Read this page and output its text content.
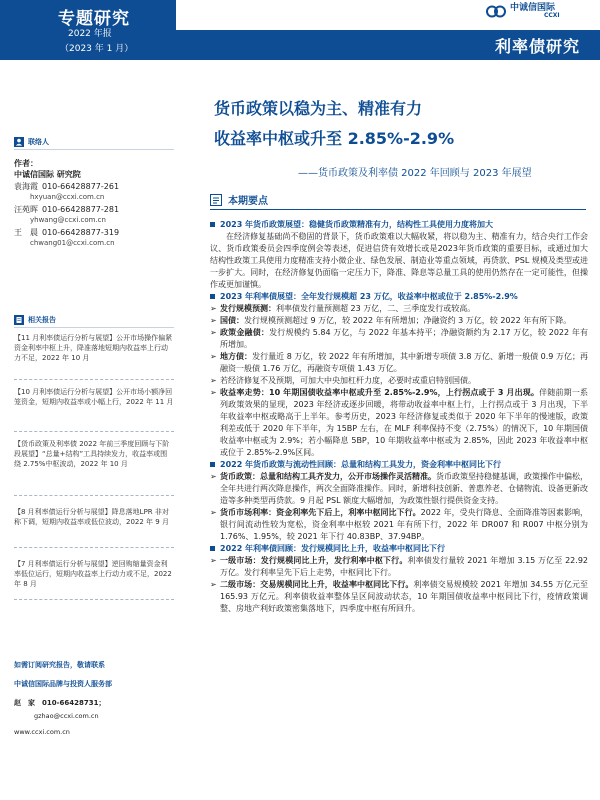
专题研究
2022 年报
（2023 年 1 月）
中诚信国际
CCXI
利率债研究
货币政策以稳为主、精准有力
收益率中枢或升至 2.85%-2.9%
——货币政策及利率债 2022 年回顾与 2023 年展望
联络人
作者：
中诚信国际 研究院
袁海霞 010-66428877-261
hxyuan@ccxi.com.cn
汪苑晖 010-66428877-281
yhwang@ccxi.com.cn
王　晨 010-66428877-319
chwang01@ccxi.com.cn
相关报告
【11 月利率债运行分析与展望】公开市场操作偏紧资金利率中枢上升，降准落地短期内收益率上行动力不足，2022 年 10 月
【10 月利率债运行分析与展望】公开市场小额净回笼资金，短期内收益率或小幅上行，2022 年 11 月
【货币政策及利率债 2022 年前三季度回顾与下阶段展望】“总量+结构”工具持续发力，收益率或围绕 2.75%中枢波动，2022 年 10 月
【8 月利率债运行分析与展望】降息落地LPR 非对称下调，短期内收益率或低位波动，2022 年 9 月
【7 月利率债运行分析与展望】逆回购缩量资金利率低位运行，短期内收益率上行动力或不足，2022 年 8 月
如需订阅研究报告，敬请联系
中诚信国际品牌与投资人服务部
赵　家　010-66428731；
gzhao@ccxi.com.cn
www.ccxi.com.cn
本期要点
2023 年货币政策展望：稳健货币政策精准有力，结构性工具使用力度将加大
在经济修复基础尚不稳固的背景下，货币政策难以大幅收紧，将以稳为主、精准有力，结合央行工作会议、货币政策委员会四季度例会等表述，促进信贷有效增长或是2023年货币政策的重要目标，或通过加大结构性政策工具使用力度精准支持小微企业、绿色发展、制造业等重点领域，再贷款、PSL 规模及类型或进一步扩大。同时，在经济修复仍面临一定压力下，降准、降息等总量工具的使用仍然存在一定可能性，但操作或更加谨慎。
2023 年利率债展望：全年发行规模超 23 万亿，收益率中枢或位于 2.85%-2.9%
➢ 发行规模预测：利率债发行量预测超 23 万亿，二、三季度发行或较高。
➢ 国债：发行规模预测超过 9 万亿，较 2022 年有所增加；净融资约 3 万亿，较 2022 年有所下降。
➢ 政策金融债：发行规模约 5.84 万亿，与 2022 年基本持平；净融资额约为 2.17 万亿，较 2022 年有所增加。
➢ 地方债：发行量近 8 万亿，较 2022 年有所增加，其中新增专项债 3.8 万亿、新增一般债 0.9 万亿；再融资一般债 1.76 万亿，再融资专项债 1.43 万亿。
➢ 若经济修复不及预期，可加大中央加杠杆力度，必要时或重启特别国债。
➢ 收益率走势：10 年期国债收益率中枢或升至 2.85%-2.9%，上行拐点或于 3 月出现。伴随前期一系列政策效果的显现，2023 年经济或逐步回暖，将带动收益率中枢上行，上行拐点或于 3 月出现，下半年收益率中枢或略高于上半年。参考历史，2023 年经济修复或类似于 2020 年下半年的慢速版，政策利差或低于 2020 年下半年，为 15BP 左右，在 MLF 利率保持不变（2.75%）的情况下，10 年期国债收益率中枢或为 2.9%；若小幅降息 5BP，10 年期收益率中枢或为 2.85%，因此 2023 年收益率中枢或位于 2.85%-2.9%区间。
2022 年货币政策与流动性回顾：总量和结构工具发力，资金利率中枢同比下行
➢ 货币政策：总量和结构工具齐发力，公开市场操作灵活精准。货币政策坚持稳健基调，政策操作中偏松，全年共进行两次降息操作，两次全面降准操作。同时，新增科技创新、普惠养老、仓储物流、设备更新改造等多种类型再贷款。9 月起 PSL 额度大幅增加，为政策性银行提供资金支持。
➢ 货币市场利率：资金利率先下后上，利率中枢同比下行。2022 年，受央行降息、全面降准等因素影响，银行间流动性较为宽松，资金利率中枢较 2021 年有所下行，2022 年 DR007 和 R007 中枢分别为 1.76%、1.95%，较 2021 年下行 40.83BP、37.94BP。
2022 年利率债回顾：发行规模同比上升，收益率中枢同比下行
➢ 一级市场：发行规模同比上升，发行利率中枢下行。利率债发行量较 2021 年增加 3.15 万亿至 22.92 万亿。发行利率呈先下后上走势，中枢同比下行。
➢ 二级市场：交易规模同比上升，收益率中枢同比下行。利率债交易规模较 2021 年增加 34.55 万亿元至 165.93 万亿元。利率债收益率整体呈区间波动状态，10 年期国债收益率中枢同比下行，疫情政策调整、房地产利好政策密集落地下，四季度中枢有所回升。
